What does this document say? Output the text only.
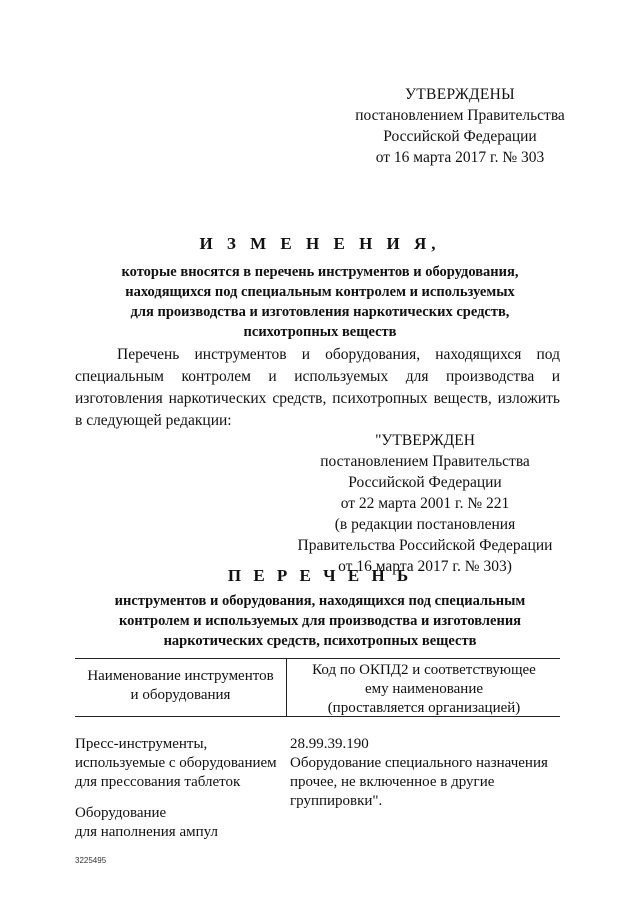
УТВЕРЖДЕНЫ
постановлением Правительства
Российской Федерации
от 16 марта 2017 г. № 303
И З М Е Н Е Н И Я,
которые вносятся в перечень инструментов и оборудования,
находящихся под специальным контролем и используемых
для производства и изготовления наркотических средств,
психотропных веществ
Перечень инструментов и оборудования, находящихся под
специальным контролем и используемых для производства и изготовления наркотических средств, психотропных веществ, изложить в следующей редакции:
"УТВЕРЖДЕН
постановлением Правительства
Российской Федерации
от 22 марта 2001 г. № 221
(в редакции постановления
Правительства Российской Федерации
от 16 марта 2017 г. № 303)
П Е Р Е Ч Е Н Ь
инструментов и оборудования, находящихся под специальным
контролем и используемых для производства и изготовления
наркотических средств, психотропных веществ
Наименование инструментов
и оборудования
Код по ОКПД2 и соответствующее
ему наименование
(проставляется организацией)
Пресс-инструменты,
используемые с оборудованием
для прессования таблеток
28.99.39.190
Оборудование специального назначения
прочее, не включенное в другие
группировки".
Оборудование
для наполнения ампул
3225495
